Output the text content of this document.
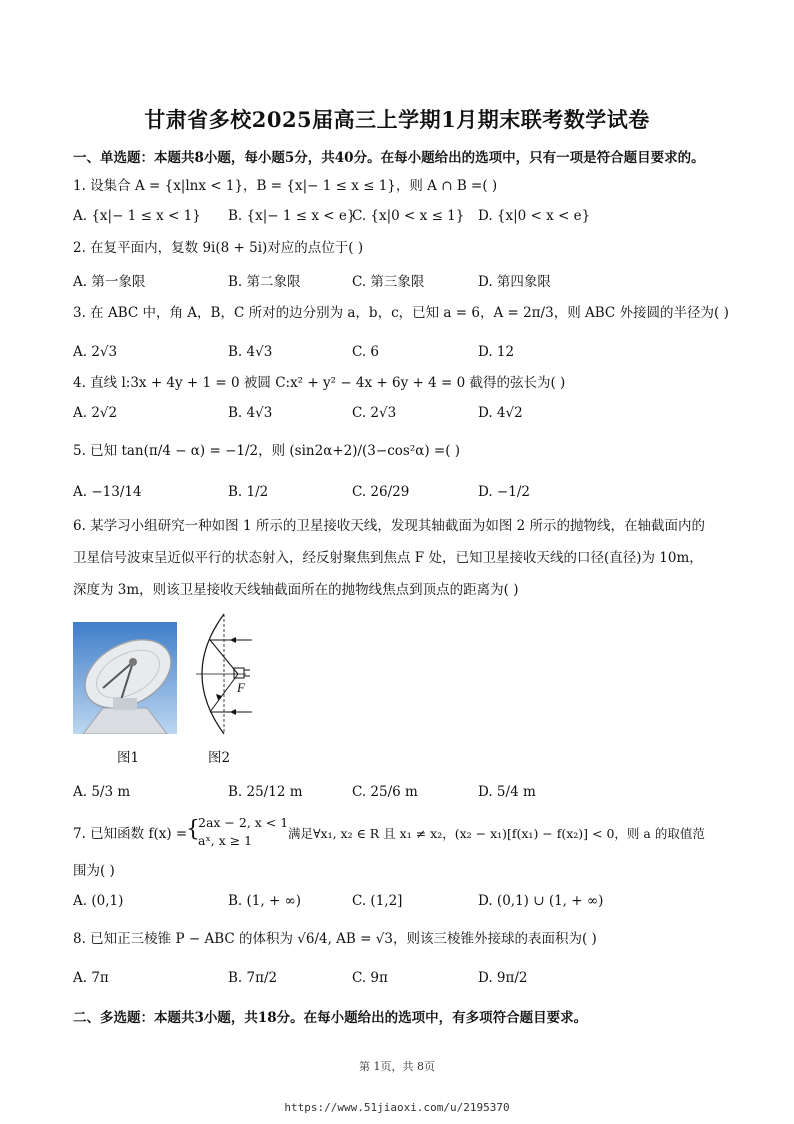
甘肃省多校2025届高三上学期1月期末联考数学试卷
一、单选题：本题共8小题，每小题5分，共40分。在每小题给出的选项中，只有一项是符合题目要求的。
1. 设集合 A = {x|lnx < 1}，B = {x|− 1 ≤ x ≤ 1}，则 A ∩ B =( )
A. {x|− 1 ≤ x < 1} B. {x|− 1 ≤ x < e}
C. {x|0 < x ≤ 1} D. {x|0 < x < e}
2. 在复平面内，复数 9i(8 + 5i)对应的点位于( )
A. 第一象限	B. 第二象限	C. 第三象限	D. 第四象限
3. 在 ABC 中，角 A，B，C 所对的边分别为 a，b，c，已知 a = 6，A = 2π/3，则 ABC 外接圆的半径为( )
A. 2√3	B. 4√3	C. 6	D. 12
4. 直线 l:3x + 4y + 1 = 0 被圆 C:x² + y² − 4x + 6y + 4 = 0 截得的弦长为( )
A. 2√2	B. 4√3	C. 2√3	D. 4√2
5. 已知 tan(π/4 − α) = −1/2，则 (sin2α+2)/(3−cos²α) =( )
A. −13/14	B. 1/2	C. 26/29	D. −1/2
6. 某学习小组研究一种如图 1 所示的卫星接收天线，发现其轴截面为如图 2 所示的抛物线，在轴截面内的
卫星信号波束呈近似平行的状态射入，经反射聚焦到焦点 F 处，已知卫星接收天线的口径(直径)为 10m，
深度为 3m，则该卫星接收天线轴截面所在的抛物线焦点到顶点的距离为( )
F
图1	图2
A. 5/3 m	B. 25/12 m	C. 25/6 m	D. 5/4 m
7. 已知函数 f(x) =
{
2ax − 2, x < 1
aˣ, x ≥ 1	满足∀x₁, x₂ ∈ R 且 x₁ ≠ x₂，(x₂ − x₁)[f(x₁) − f(x₂)] < 0，则 a 的取值范
围为( )
A. (0,1)	B. (1, + ∞)	C. (1,2]	D. (0,1) ∪ (1, + ∞)
8. 已知正三棱锥 P − ABC 的体积为 √6/4, AB = √3，则该三棱锥外接球的表面积为( )
A. 7π	B. 7π/2	C. 9π	D. 9π/2
二、多选题：本题共3小题，共18分。在每小题给出的选项中，有多项符合题目要求。
第 1页，共 8页
https://www.51jiaoxi.com/u/2195370
